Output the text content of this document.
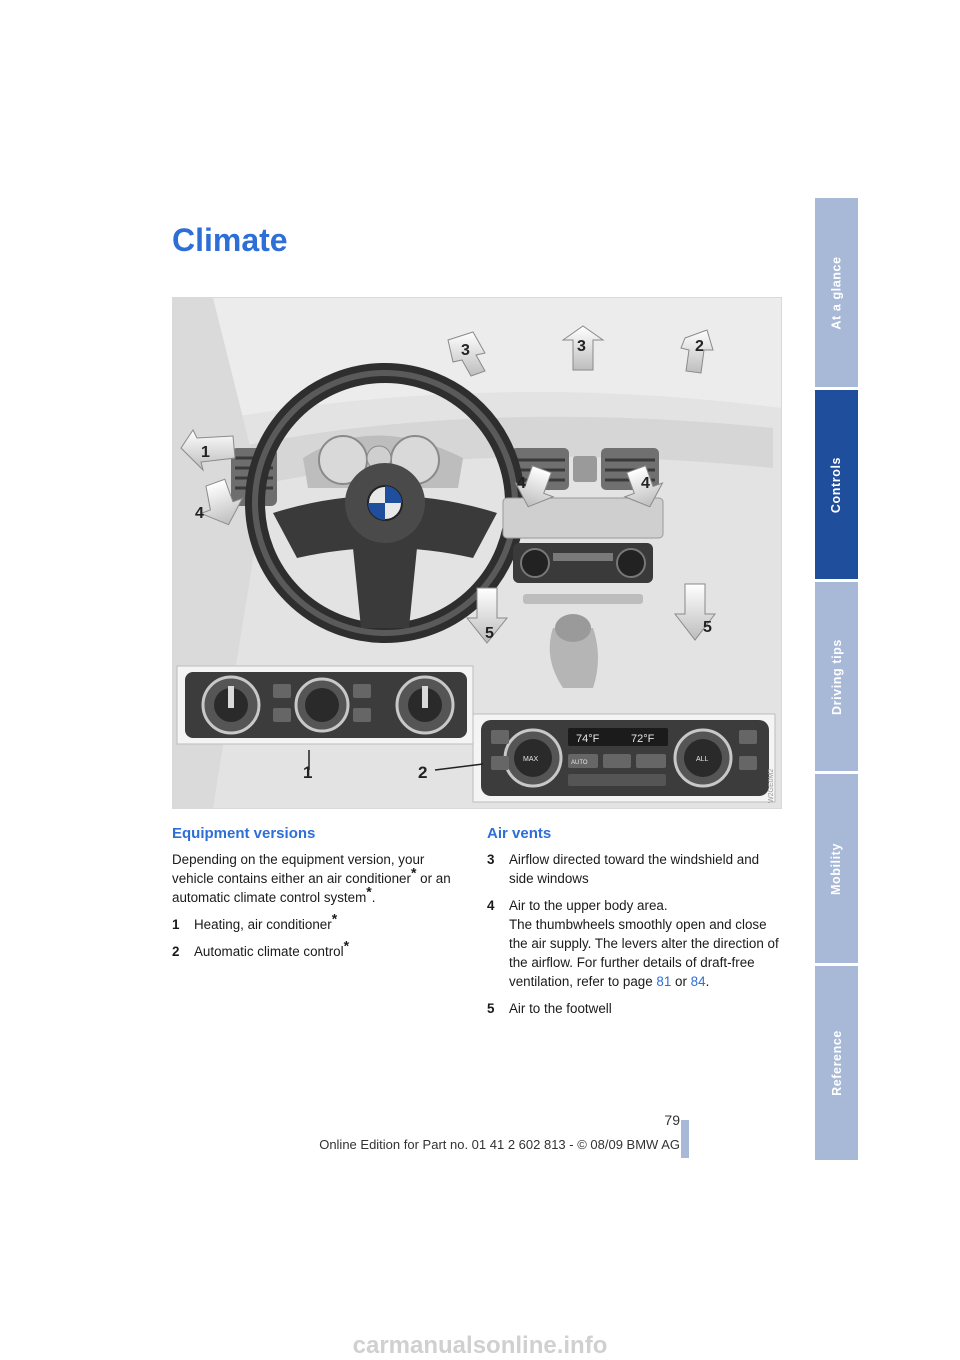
At a glance
Controls
Driving tips
Mobility
Reference
Climate
74°F	72°F
MAX	AUTO	ALL
3	3	2
1
4
4	4
5	5
1	2	W2GE0M2
Equipment versions

Depending on the equipment version, your vehicle contains either an air conditioner* or an automatic climate control system*.

1	Heating, air conditioner*
2	Automatic climate control*
Air vents
3	Airflow directed toward the windshield and side windows
4	Air to the upper body area.
The thumbwheels smoothly open and close the air supply. The levers alter the direction of the airflow. For further details of draft-free ventilation, refer to page 81 or 84.
5	Air to the footwell
79
Online Edition for Part no. 01 41 2 602 813 - © 08/09 BMW AG
carmanualsonline.info
